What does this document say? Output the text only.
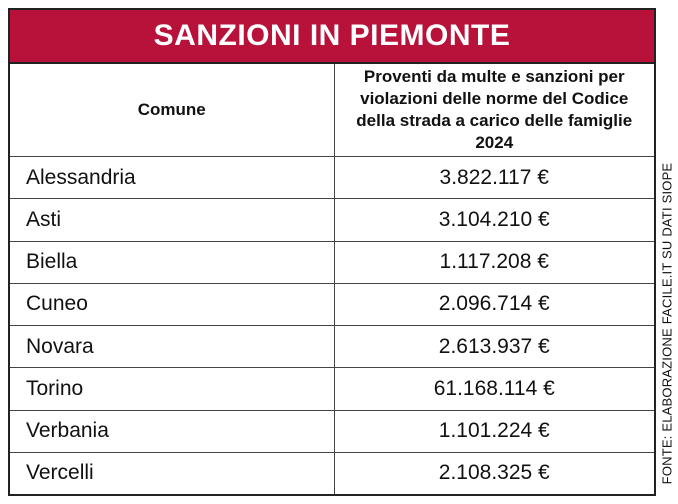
SANZIONI IN PIEMONTE
Comune	Proventi da multe e sanzioni per violazioni delle norme del Codice della strada a carico delle famiglie 2024
Alessandria	3.822.117 €
Asti	3.104.210 €
Biella	1.117.208 €
Cuneo	2.096.714 €
Novara	2.613.937 €
Torino	61.168.114 €
Verbania	1.101.224 €
Vercelli	2.108.325 €	FONTE: ELABORAZIONE FACILE.IT SU DATI SIOPE
